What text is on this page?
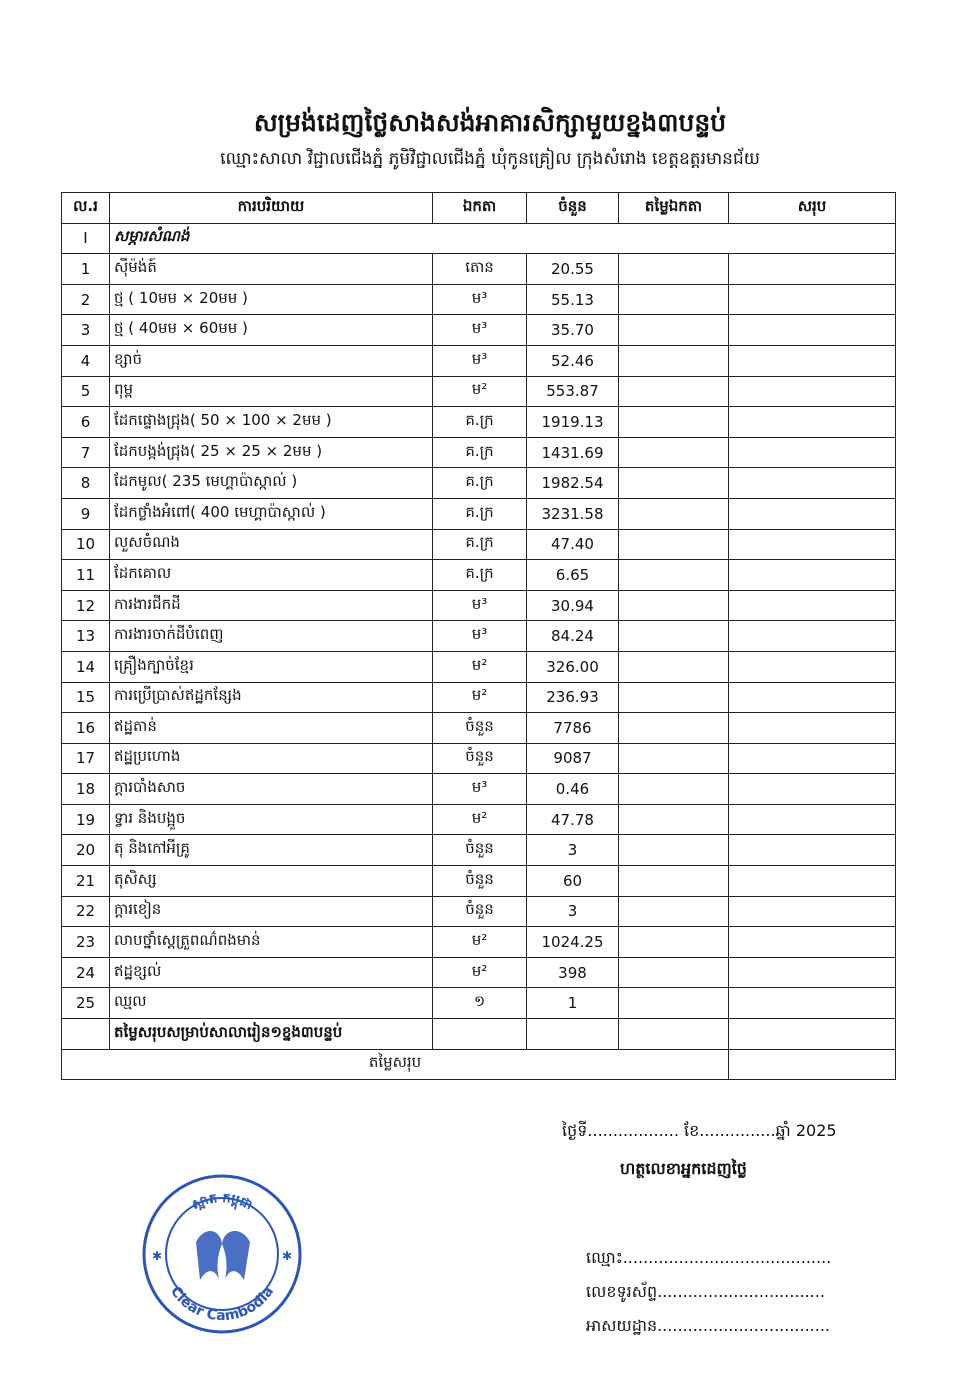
សម្រង់ដេញថ្លៃសាងសង់អាគារសិក្សាមួយខ្នង៣បន្ទប់
ឈ្មោះសាលា វិជ្ជាលជើងភ្នំ ភូមិវិជ្ជាលជើងភ្នំ ឃុំកូនគ្រៀល ក្រុងសំរោង ខេត្តឧត្តរមានជ័យ
ល.រ	ការបរិយាយ	ឯកតា	ចំនួន	តម្លៃឯកតា	សរុប
I	សម្ភារសំណង់				
1	ស៊ីម៉ង់ត៍	តោន	20.55		
2	ថ្ម ( 10មម × 20មម )	ម³	55.13		
3	ថ្ម ( 40មម × 60មម )	ម³	35.70		
4	ខ្សាច់	ម³	52.46		
5	ពុម្ព	ម²	553.87		
6	ដែកផ្ទោងជ្រុង( 50 × 100 × 2មម )	គ.ក្រ	1919.13		
7	ដែកបង្កង់ជ្រុង( 25 × 25 × 2មម )	គ.ក្រ	1431.69		
8	ដែកមូល( 235 មេហ្គាប៉ាស្កាល់ )	គ.ក្រ	1982.54		
9	ដែកថ្លាំងអំពៅ( 400 មេហ្គាប៉ាស្កាល់ )	គ.ក្រ	3231.58		
10	លួសចំណង	គ.ក្រ	47.40		
11	ដែកគោល	គ.ក្រ	6.65		
12	ការងារជីកដី	ម³	30.94		
13	ការងារចាក់ដីបំពេញ	ម³	84.24		
14	គ្រឿងក្បាច់ខ្មែរ	ម²	326.00		
15	ការប្រើប្រាស់ឥដ្ឋកន្សែង	ម²	236.93		
16	ឥដ្ឋតាន់	ចំនួន	7786		
17	ឥដ្ឋប្រហោង	ចំនួន	9087		
18	ក្តារបាំងសាច	ម³	0.46		
19	ទ្វារ និងបង្អួច	ម²	47.78		
20	តុ និងកៅអីគ្រូ	ចំនួន	3		
21	តុសិស្ស	ចំនួន	60		
22	ក្តារខៀន	ចំនួន	3		
23	លាបថ្នាំស្តេត្រួពណ៌ពងមាន់	ម²	1024.25		
24	ឥដ្ឋខ្សល់	ម²	398		
25	ឈ្មល	១	1		
	តម្លៃសរុបសម្រាប់សាលារៀន១ខ្នង៣បន្ទប់				
តម្លៃសរុប					
ថ្ងៃទី.................. ខែ...............ឆ្នាំ 2025
ហត្ថលេខាអ្នកដេញថ្លៃ
ឈ្មោះ.........................................
លេខទូរស័ព្ទ.................................
អាសយដ្ឋាន..................................
ស្អាត កម្ពុជា
Clear Cambodia
✱	✱
